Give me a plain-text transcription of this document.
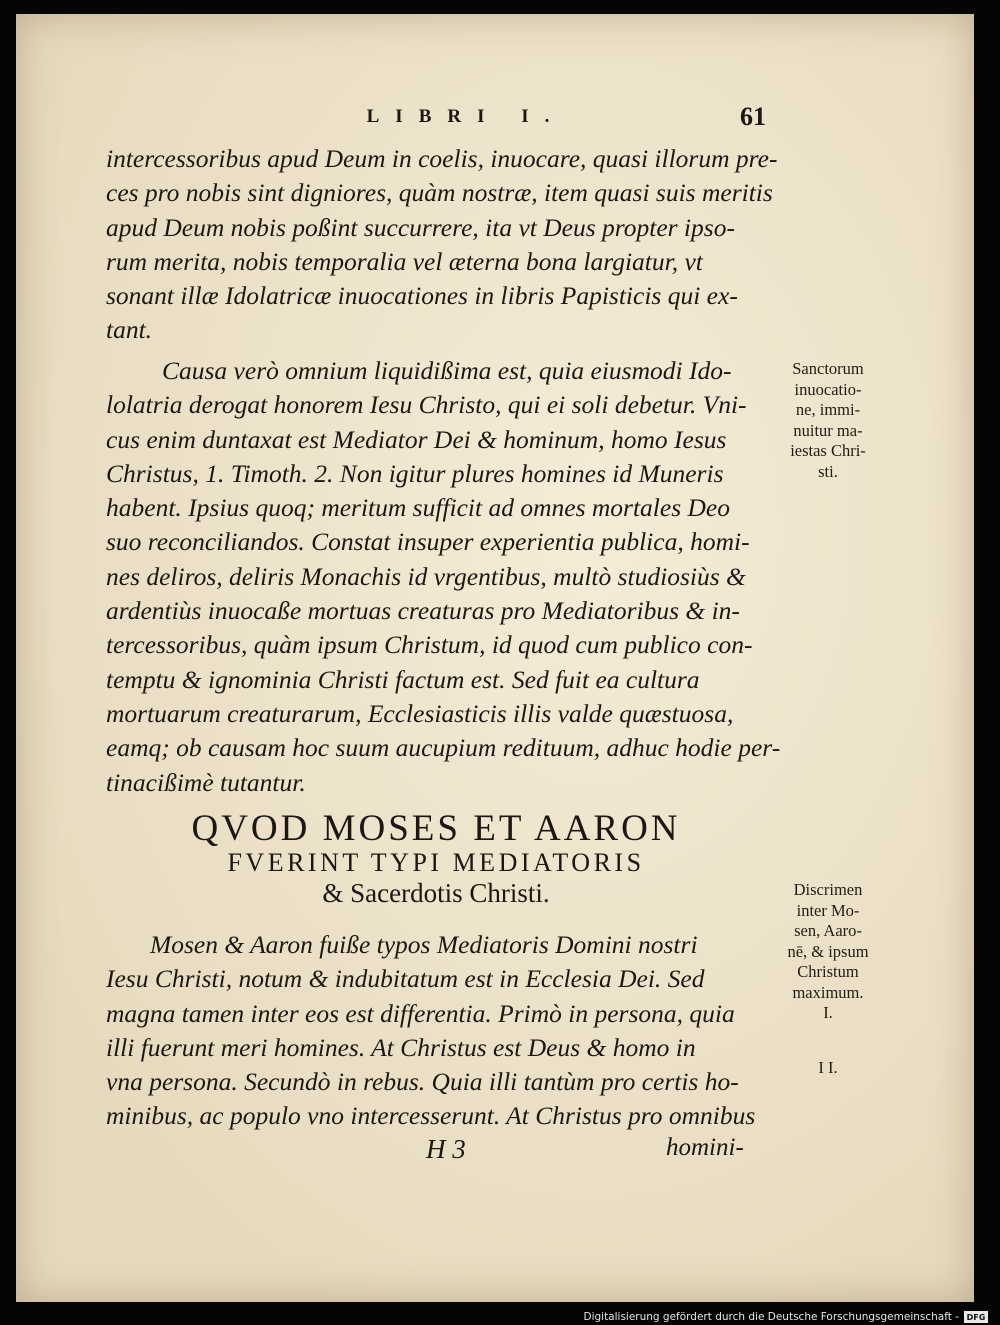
LIBRI I.	61
intercessoribus apud Deum in coelis, inuocare, quasi illorum pre-
ces pro nobis sint digniores, quàm nostræ, item quasi suis meritis
apud Deum nobis poßint succurrere, ita vt Deus propter ipso-
rum merita, nobis temporalia vel æterna bona largiatur, vt
sonant illæ Idolatricæ inuocationes in libris Papisticis qui ex-
tant.
Causa verò omnium liquidißima est, quia eiusmodi Ido-
lolatria derogat honorem Iesu Christo, qui ei soli debetur. Vni-
cus enim duntaxat est Mediator Dei & hominum, homo Iesus
Christus, 1. Timoth. 2. Non igitur plures homines id Muneris
habent. Ipsius quoq; meritum sufficit ad omnes mortales Deo
suo reconciliandos. Constat insuper experientia publica, homi-
nes deliros, deliris Monachis id vrgentibus, multò studiosiùs &
ardentiùs inuocaße mortuas creaturas pro Mediatoribus & in-
tercessoribus, quàm ipsum Christum, id quod cum publico con-
temptu & ignominia Christi factum est. Sed fuit ea cultura
mortuarum creaturarum, Ecclesiasticis illis valde quæstuosa,
eamq; ob causam hoc suum aucupium redituum, adhuc hodie per-
tinacißimè tutantur.
QVOD MOSES ET AARON
FVERINT TYPI MEDIATORIS
& Sacerdotis Christi.
Mosen & Aaron fuiße typos Mediatoris Domini nostri
Iesu Christi, notum & indubitatum est in Ecclesia Dei. Sed
magna tamen inter eos est differentia. Primò in persona, quia
illi fuerunt meri homines. At Christus est Deus & homo in
vna persona. Secundò in rebus. Quia illi tantùm pro certis ho-
minibus, ac populo vno intercesserunt. At Christus pro omnibus
Sanctorum
inuocatio-
ne, immi-
nuitur ma-
iestas Chri-
sti.
Discrimen
inter Mo-
sen, Aaro-
nē, & ipsum
Christum
maximum.
I.
I I.
H 3	homini-
Digitalisierung gefördert durch die Deutsche Forschungsgemeinschaft - DFG
